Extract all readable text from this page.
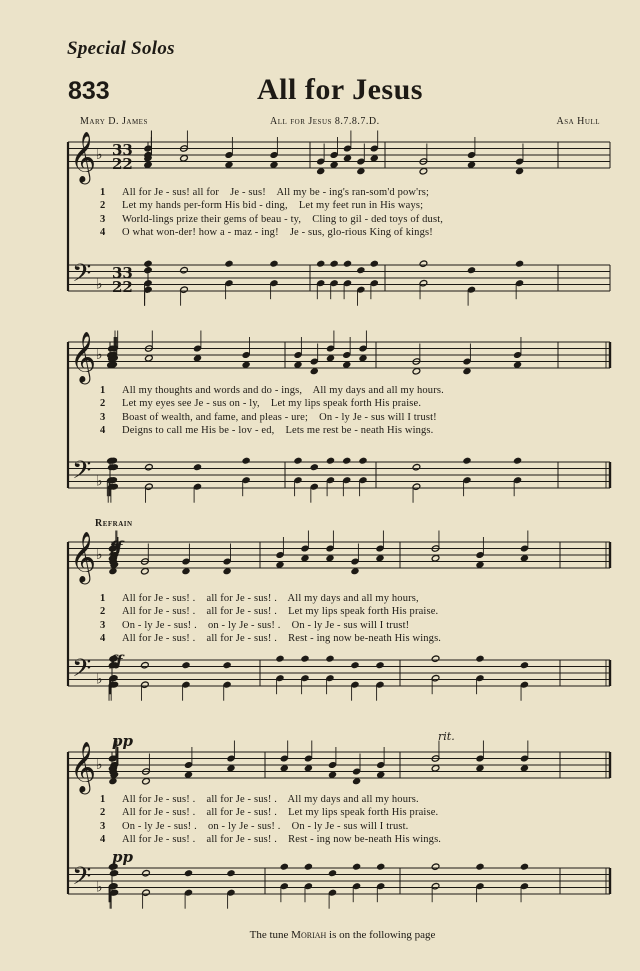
Special Solos
833	All for Jesus
Mary D. James	All for Jesus 8.7.8.7.D.	Asa Hull
𝄞
𝄢
♭
♭
33
22
33
22
𝄞
𝄢
♭
♭
𝄞
𝄢
♭
♭
ff
ff
𝄞
𝄢
♭
♭
pp
pp
rit.
1	All for Je - sus! all for    Je - sus!    All my be - ing's ran-som'd pow'rs;
2	Let my hands per-form His bid - ding,    Let my feet run in His ways;
3	World-lings prize their gems of beau - ty,    Cling to gil - ded toys of dust,
4	O what won-der! how a - maz - ing!    Je - sus, glo-rious King of kings!
1	All my thoughts and words and do - ings,    All my days and all my hours.
2	Let my eyes see Je - sus on - ly,    Let my lips speak forth His praise.
3	Boast of wealth, and fame, and pleas - ure;    On - ly Je - sus will I trust!
4	Deigns to call me His be - lov - ed,    Lets me rest be - neath His wings.
1	All for Je - sus! .    all for Je - sus! .    All my days and all my hours,
2	All for Je - sus! .    all for Je - sus! .    Let my lips speak forth His praise.
3	On - ly Je - sus! .    on - ly Je - sus! .    On - ly Je - sus will I trust!
4	All for Je - sus! .    all for Je - sus! .    Rest - ing now be-neath His wings.
1	All for Je - sus! .    all for Je - sus! .    All my days and all my hours.
2	All for Je - sus! .    all for Je - sus! .    Let my lips speak forth His praise.
3	On - ly Je - sus! .    on - ly Je - sus! .    On - ly Je - sus will I trust.
4	All for Je - sus! .    all for Je - sus! .    Rest - ing now be-neath His wings.
Refrain
The tune Moriah is on the following page
